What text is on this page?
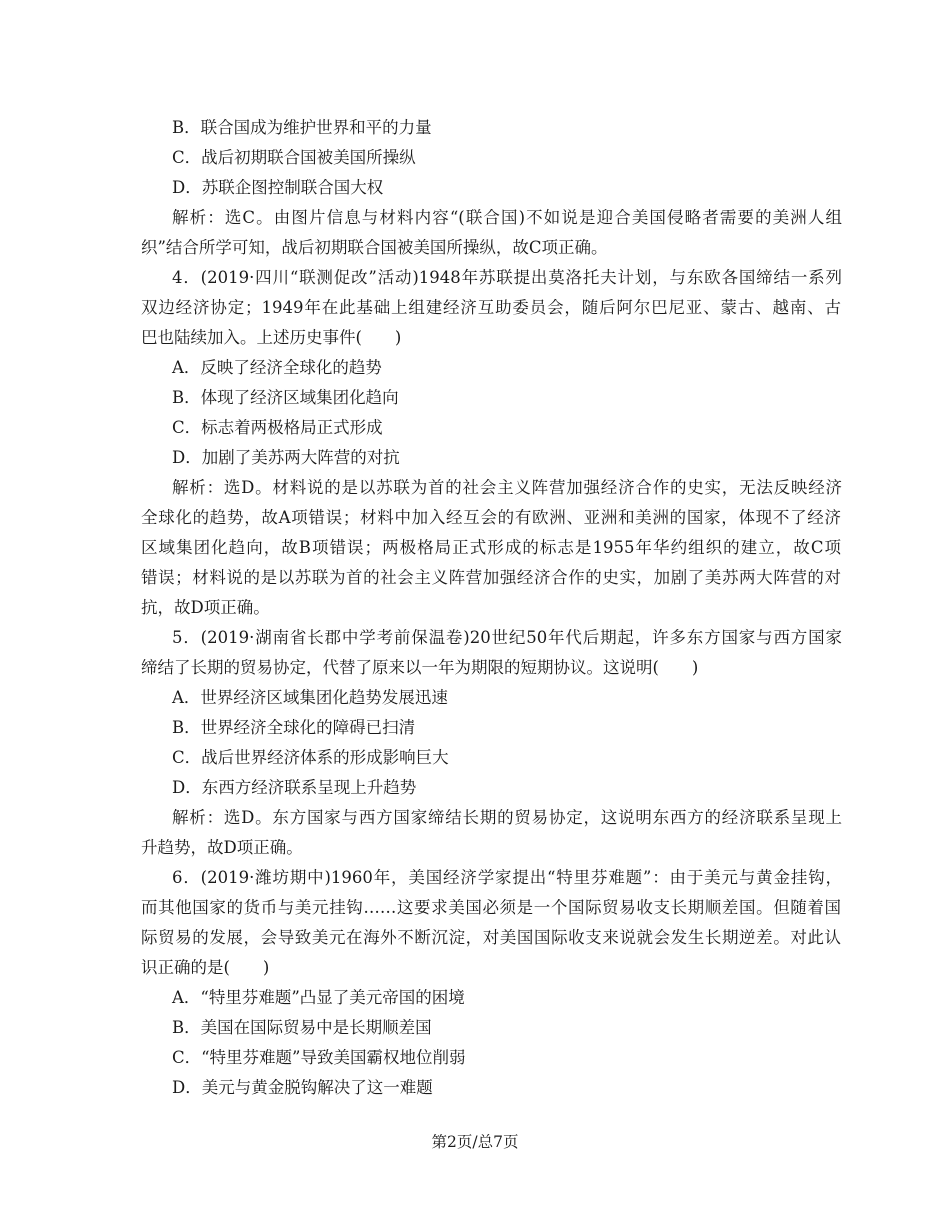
B．联合国成为维护世界和平的力量
C．战后初期联合国被美国所操纵
D．苏联企图控制联合国大权
解析：选C。由图片信息与材料内容“(联合国)不如说是迎合美国侵略者需要的美洲人组
织”结合所学可知，战后初期联合国被美国所操纵，故C项正确。
4．(2019·四川“联测促改”活动)1948年苏联提出莫洛托夫计划，与东欧各国缔结一系列
双边经济协定；1949年在此基础上组建经济互助委员会，随后阿尔巴尼亚、蒙古、越南、古
巴也陆续加入。上述历史事件(　　)
A．反映了经济全球化的趋势
B．体现了经济区域集团化趋向
C．标志着两极格局正式形成
D．加剧了美苏两大阵营的对抗
解析：选D。材料说的是以苏联为首的社会主义阵营加强经济合作的史实，无法反映经济
全球化的趋势，故A项错误；材料中加入经互会的有欧洲、亚洲和美洲的国家，体现不了经济
区域集团化趋向，故B项错误；两极格局正式形成的标志是1955年华约组织的建立，故C项
错误；材料说的是以苏联为首的社会主义阵营加强经济合作的史实，加剧了美苏两大阵营的对
抗，故D项正确。
5．(2019·湖南省长郡中学考前保温卷)20世纪50年代后期起，许多东方国家与西方国家
缔结了长期的贸易协定，代替了原来以一年为期限的短期协议。这说明(　　)
A．世界经济区域集团化趋势发展迅速
B．世界经济全球化的障碍已扫清
C．战后世界经济体系的形成影响巨大
D．东西方经济联系呈现上升趋势
解析：选D。东方国家与西方国家缔结长期的贸易协定，这说明东西方的经济联系呈现上
升趋势，故D项正确。
6．(2019·潍坊期中)1960年，美国经济学家提出“特里芬难题”：由于美元与黄金挂钩，
而其他国家的货币与美元挂钩……这要求美国必须是一个国际贸易收支长期顺差国。但随着国
际贸易的发展，会导致美元在海外不断沉淀，对美国国际收支来说就会发生长期逆差。对此认
识正确的是(　　)
A．“特里芬难题”凸显了美元帝国的困境
B．美国在国际贸易中是长期顺差国
C．“特里芬难题”导致美国霸权地位削弱
D．美元与黄金脱钩解决了这一难题
第2页/总7页
